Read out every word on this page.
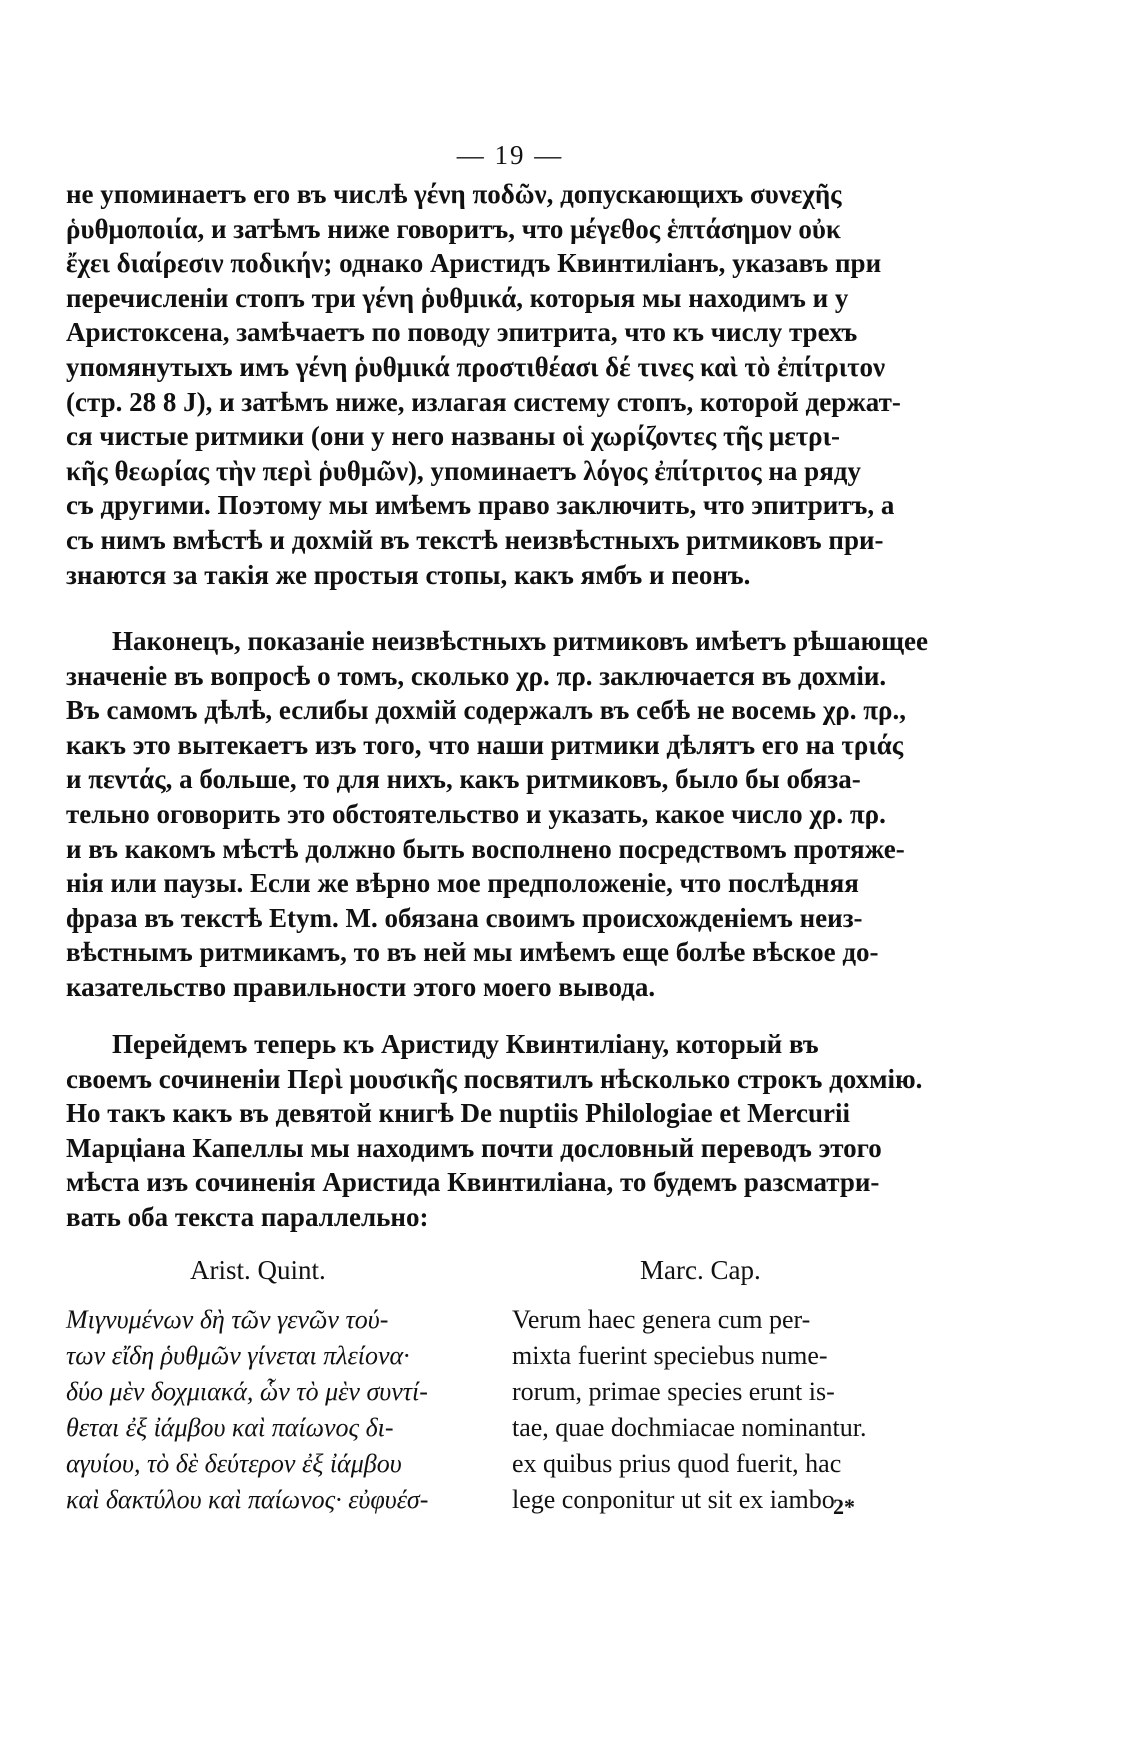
— 19 —

не упоминаетъ его въ числѣ γένη ποδῶν, допускающихъ συνεχῆς
ῥυθμοποιία, и затѣмъ ниже говоритъ, что μέγεθος ἑπτάσημον οὐκ
ἔχει διαίρεσιν ποδικήν; однако Аристидъ Квинтиліанъ, указавъ при
перечисленіи стопъ три γένη ῥυθμικά, которыя мы находимъ и у
Аристоксена, замѣчаетъ по поводу эпитрита, что къ числу трехъ
упомянутыхъ имъ γένη ῥυθμικά προστιθέασι δέ τινες καὶ τὸ ἐπίτριτον
(стр. 28 8 J), и затѣмъ ниже, излагая систему стопъ, которой держат-
ся чистые ритмики (они у него названы οἱ χωρίζοντες τῆς μετρι-
κῆς θεωρίας τὴν περὶ ῥυθμῶν), упоминаетъ λόγος ἐπίτριτος на ряду
съ другими. Поэтому мы имѣемъ право заключить, что эпитритъ, а
съ нимъ вмѣстѣ и дохмій въ текстѣ неизвѣстныхъ ритмиковъ при-
знаются за такія же простыя стопы, какъ ямбъ и пеонъ.

Наконецъ, показаніе неизвѣстныхъ ритмиковъ имѣетъ рѣшающее
значеніе въ вопросѣ о томъ, сколько χρ. πρ. заключается въ дохміи.
Въ самомъ дѣлѣ, еслибы дохмій содержалъ въ себѣ не восемь χρ. πρ.,
какъ это вытекаетъ изъ того, что наши ритмики дѣлятъ его на τριάς
и πεντάς, а больше, то для нихъ, какъ ритмиковъ, было бы обяза-
тельно оговорить это обстоятельство и указать, какое число χρ. πρ.
и въ какомъ мѣстѣ должно быть восполнено посредствомъ протяже-
нія или паузы. Если же вѣрно мое предположеніе, что послѣдняя
фраза въ текстѣ Etym. M. обязана своимъ происхожденіемъ неиз-
вѣстнымъ ритмикамъ, то въ ней мы имѣемъ еще болѣе вѣское до-
казательство правильности этого моего вывода.

Перейдемъ теперь къ Аристиду Квинтиліану, который въ
своемъ сочиненіи Περὶ μουσικῆς посвятилъ нѣсколько строкъ дохмію.
Но такъ какъ въ девятой книгѣ De nuptiis Philologiae et Mercurii
Марціана Капеллы мы находимъ почти дословный переводъ этого
мѣста изъ сочиненія Аристида Квинтиліана, то будемъ разсматри-
вать оба текста параллельно:

Arist. Quint.	Marc. Cap.

Μιγνυμένων δὴ τῶν γενῶν τού-
των εἴδη ῥυθμῶν γίνεται πλείονα·
δύο μὲν δοχμιακά, ὧν τὸ μὲν συντί-
θεται ἐξ ἰάμβου καὶ παίωνος δι-
αγυίου, τὸ δὲ δεύτερον ἐξ ἰάμβου
καὶ δακτύλου καὶ παίωνος· εὐφυέσ-

Verum haec genera cum per-
mixta fuerint speciebus nume-
rorum, primae species erunt is-
tae, quae dochmiacae nominantur.
ex quibus prius quod fuerit, hac
lege conponitur ut sit ex iambo

2*
